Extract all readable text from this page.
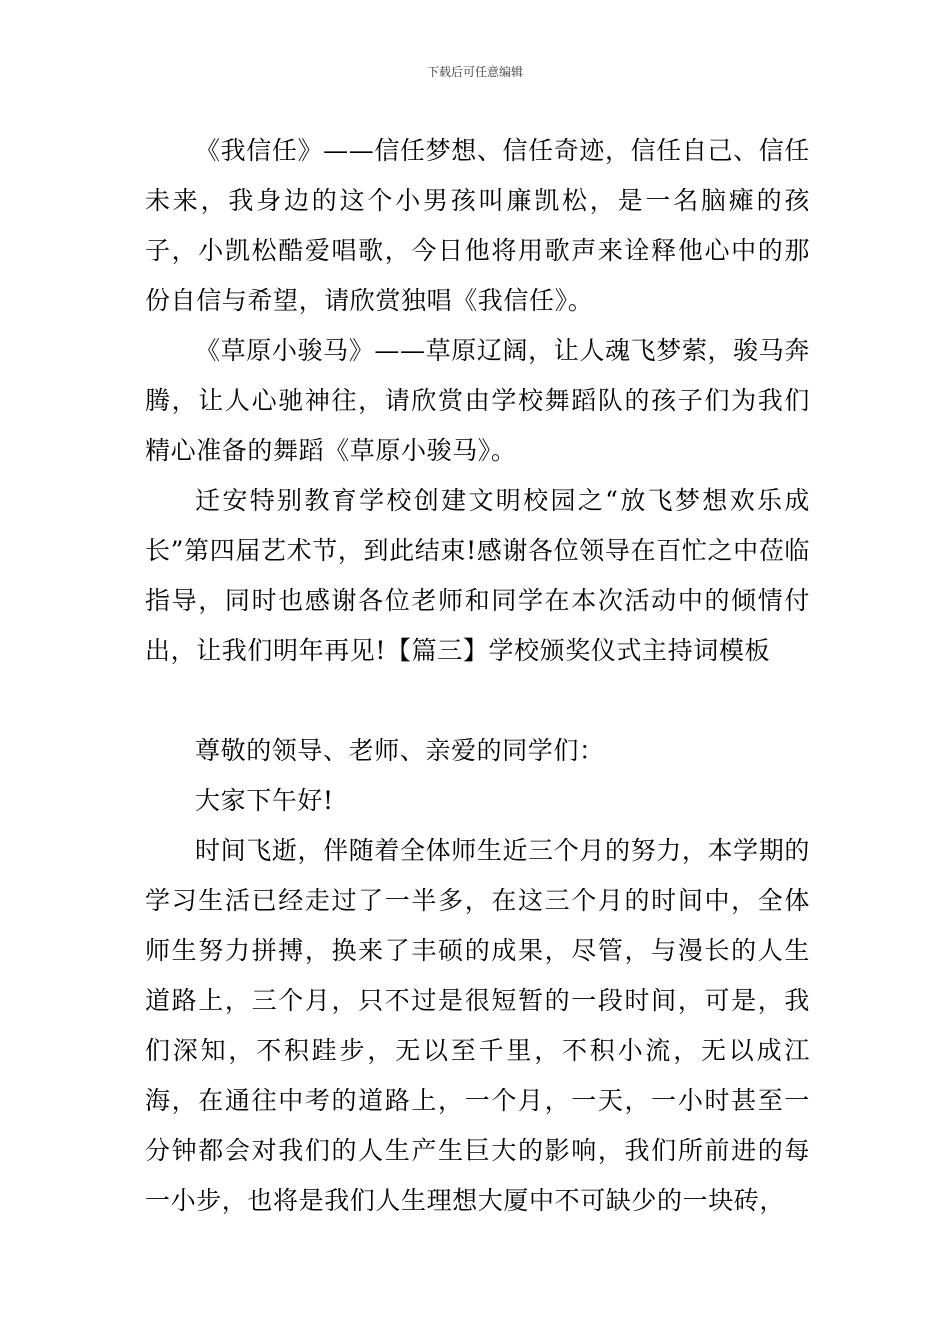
下载后可任意编辑

《我信任》——信任梦想、信任奇迹，信任自己、信任未来，我身边的这个小男孩叫廉凯松，是一名脑瘫的孩子，小凯松酷爱唱歌，今日他将用歌声来诠释他心中的那份自信与希望，请欣赏独唱《我信任》。

《草原小骏马》——草原辽阔，让人魂飞梦萦，骏马奔腾，让人心驰神往，请欣赏由学校舞蹈队的孩子们为我们精心准备的舞蹈《草原小骏马》。

迁安特别教育学校创建文明校园之“放飞梦想欢乐成长”第四届艺术节，到此结束!感谢各位领导在百忙之中莅临指导，同时也感谢各位老师和同学在本次活动中的倾情付出，让我们明年再见!【篇三】学校颁奖仪式主持词模板

尊敬的领导、老师、亲爱的同学们：

大家下午好!

时间飞逝，伴随着全体师生近三个月的努力，本学期的学习生活已经走过了一半多，在这三个月的时间中，全体师生努力拼搏，换来了丰硕的成果，尽管，与漫长的人生道路上，三个月，只不过是很短暂的一段时间，可是，我们深知，不积跬步，无以至千里，不积小流，无以成江海，在通往中考的道路上，一个月，一天，一小时甚至一分钟都会对我们的人生产生巨大的影响，我们所前进的每一小步，也将是我们人生理想大厦中不可缺少的一块砖，
